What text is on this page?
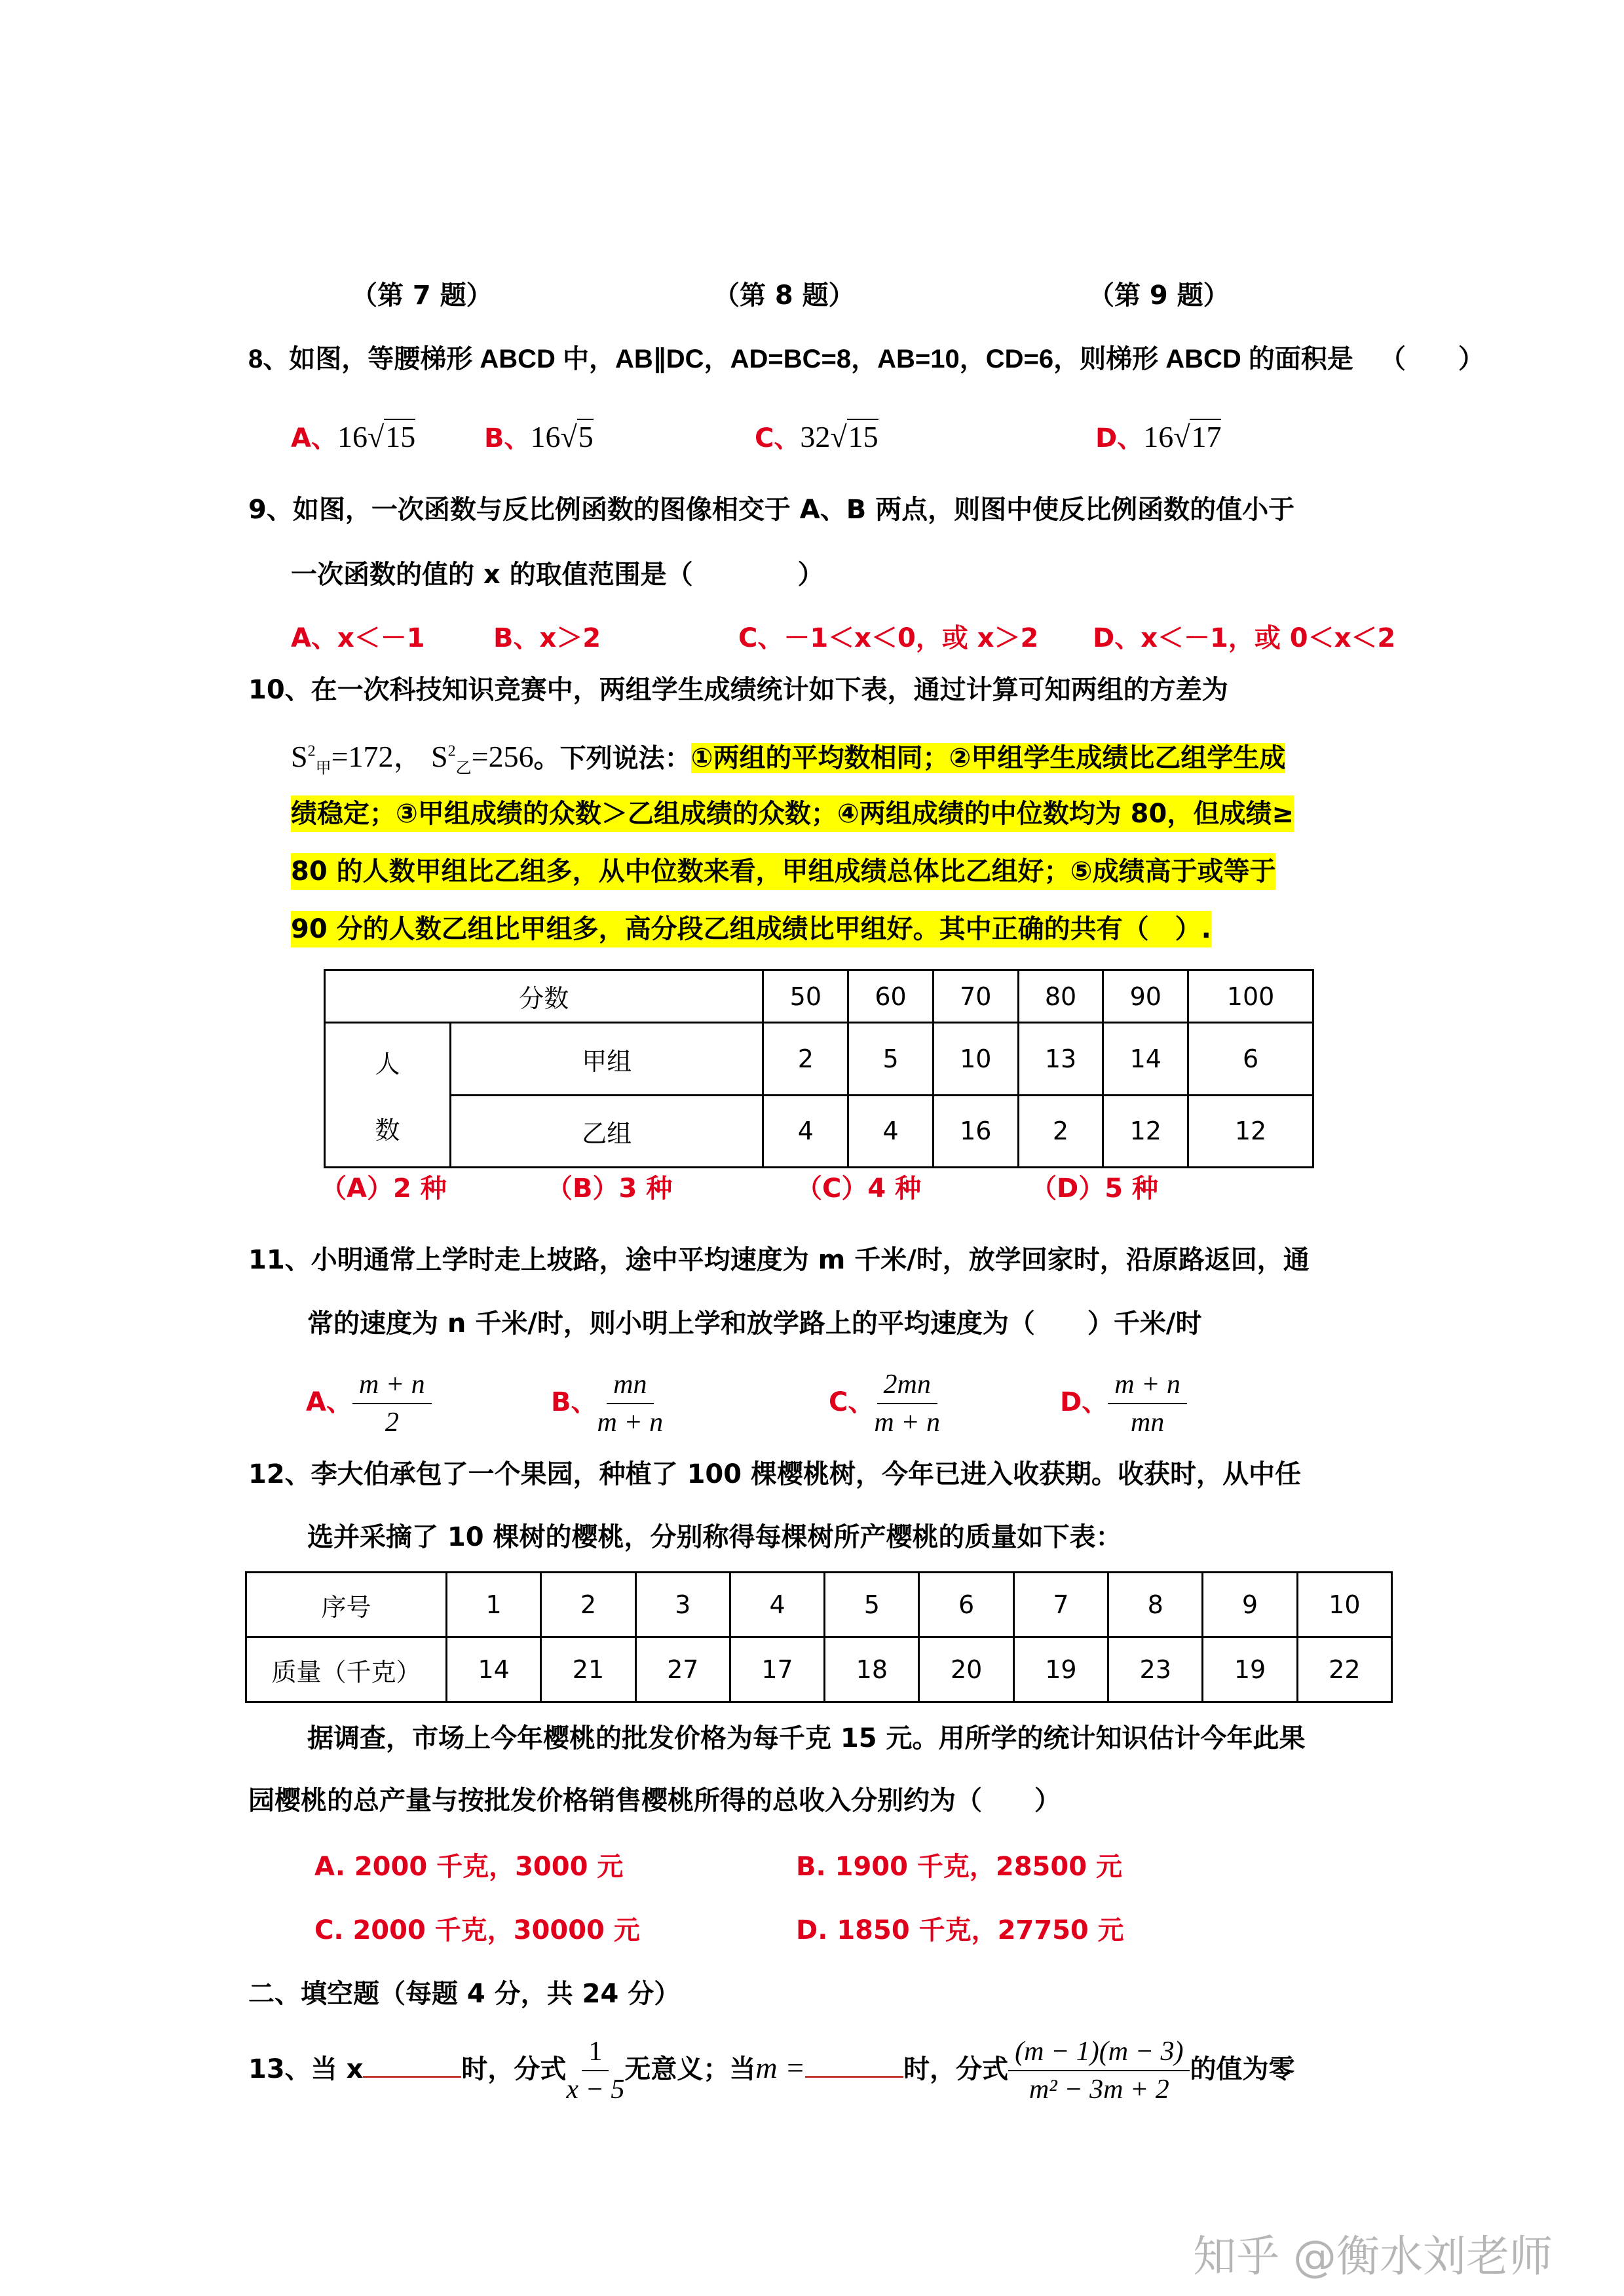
（第 7 题）	（第 8 题）	（第 9 题）
8、如图，等腰梯形 ABCD 中，AB∥DC，AD=BC=8，AB=10，CD=6，则梯形 ABCD 的面积是 （　　）
A、16√15	B、16√5	C、32√15	D、16√17
9、如图，一次函数与反比例函数的图像相交于 A、B 两点，则图中使反比例函数的值小于
一次函数的值的 x 的取值范围是（　　　　）
A、x＜－1	B、x＞2	C、－1＜x＜0，或 x＞2 D、x＜－1，或 0＜x＜2
10、在一次科技知识竞赛中，两组学生成绩统计如下表，通过计算可知两组的方差为
$S^2_甲=172$， $S^2_乙=256$。下列说法：①两组的平均数相同；②甲组学生成绩比乙组学生成
绩稳定；③甲组成绩的众数＞乙组成绩的众数；④两组成绩的中位数均为 80，但成绩≥
80 的人数甲组比乙组多，从中位数来看，甲组成绩总体比乙组好；⑤成绩高于或等于
90 分的人数乙组比甲组多，高分段乙组成绩比甲组好。其中正确的共有（　）.
分数		50	60	70	80	90	100

人
数	甲组	2	5	10	13	14	6
	乙组	4	4	16	2	12	12
（A）2 种	（B）3 种	（C）4 种	（D）5 种
11、小明通常上学时走上坡路，途中平均速度为 m 千米/时，放学回家时，沿原路返回，通
常的速度为 n 千米/时，则小明上学和放学路上的平均速度为（　　）千米/时
A、 $\frac{m + n}{2}$	B、 $\frac{mn}{m + n}$	C、 $\frac{2mn}{m + n}$	D、 $\frac{m + n}{mn}$
12、李大伯承包了一个果园，种植了 100 棵樱桃树，今年已进入收获期。收获时，从中任
选并采摘了 10 棵树的樱桃，分别称得每棵树所产樱桃的质量如下表：
序号	1	2	3	4	5	6	7	8	9	10
质量（千克）	14	21	27	17	18	20	19	23	19	22
据调查，市场上今年樱桃的批发价格为每千克 15 元。用所学的统计知识估计今年此果
园樱桃的总产量与按批发价格销售樱桃所得的总收入分别约为（　　）
A. 2000 千克，3000 元	B. 1900 千克，28500 元
C. 2000 千克，30000 元	D. 1850 千克，27750 元
二、填空题（每题 4 分，共 24 分）
13、当 x	时，分式 $\frac{1}{x - 5}$ 无意义；当m =	时，分式 $\frac{(m - 1)(m - 3)}{\text{m² − 3m + 2}}$ 的值为零
知乎 @衡水刘老师
